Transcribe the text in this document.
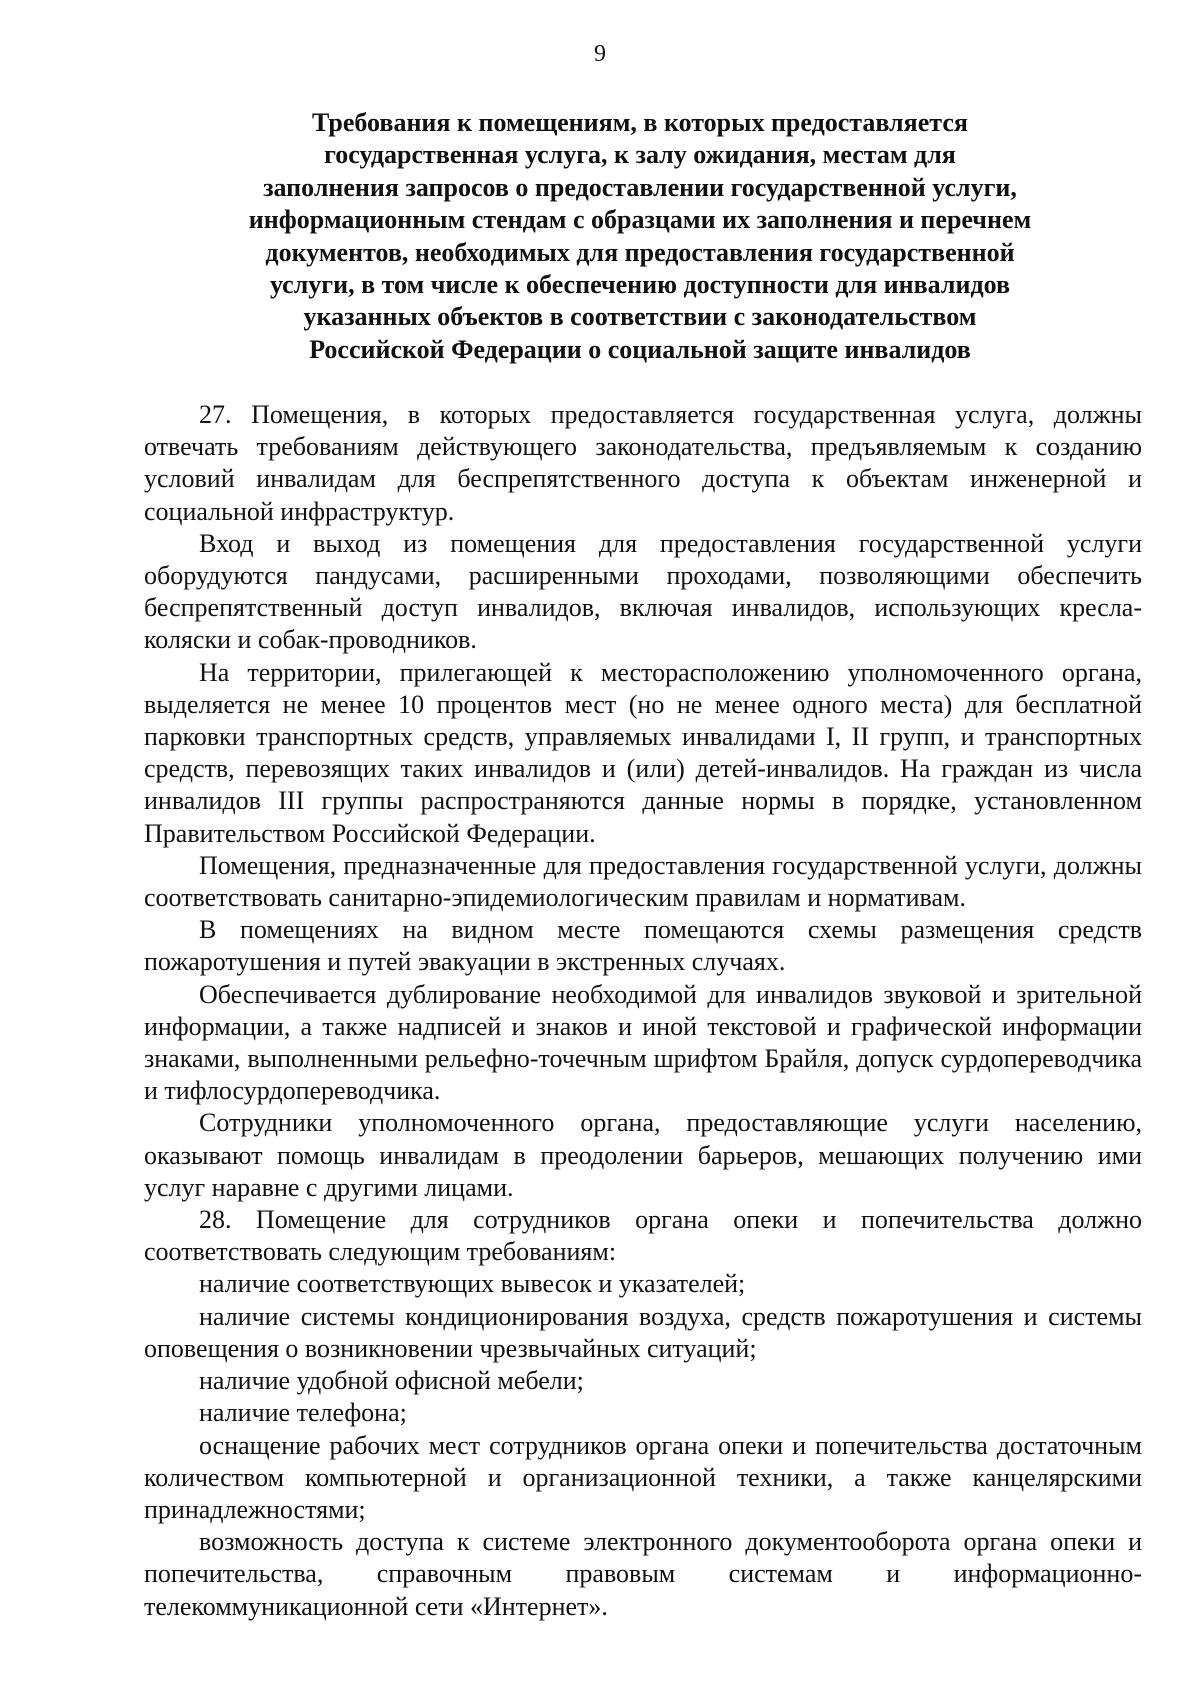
9
Требования к помещениям, в которых предоставляется
государственная услуга, к залу ожидания, местам для
заполнения запросов о предоставлении государственной услуги,
информационным стендам с образцами их заполнения и перечнем
документов, необходимых для предоставления государственной
услуги, в том числе к обеспечению доступности для инвалидов
указанных объектов в соответствии с законодательством
Российской Федерации о социальной защите инвалидов

27. Помещения, в которых предоставляется государственная услуга, должны отвечать требованиям действующего законодательства, предъявляемым к созданию условий инвалидам для беспрепятственного доступа к объектам инженерной и социальной инфраструктур.

Вход и выход из помещения для предоставления государственной услуги оборудуются пандусами, расширенными проходами, позволяющими обеспечить беспрепятственный доступ инвалидов, включая инвалидов, использующих кресла-коляски и собак-проводников.

На территории, прилегающей к месторасположению уполномоченного органа, выделяется не менее 10 процентов мест (но не менее одного места) для бесплатной парковки транспортных средств, управляемых инвалидами I, II групп, и транспортных средств, перевозящих таких инвалидов и (или) детей-инвалидов. На граждан из числа инвалидов III группы распространяются данные нормы в порядке, установленном Правительством Российской Федерации.

Помещения, предназначенные для предоставления государственной услуги, должны соответствовать санитарно-эпидемиологическим правилам и нормативам.

В помещениях на видном месте помещаются схемы размещения средств пожаротушения и путей эвакуации в экстренных случаях.

Обеспечивается дублирование необходимой для инвалидов звуковой и зрительной информации, а также надписей и знаков и иной текстовой и графической информации знаками, выполненными рельефно-точечным шрифтом Брайля, допуск сурдопереводчика и тифлосурдопереводчика.

Сотрудники уполномоченного органа, предоставляющие услуги населению, оказывают помощь инвалидам в преодолении барьеров, мешающих получению ими услуг наравне с другими лицами.

28. Помещение для сотрудников органа опеки и попечительства должно соответствовать следующим требованиям:

наличие соответствующих вывесок и указателей;

наличие системы кондиционирования воздуха, средств пожаротушения и системы оповещения о возникновении чрезвычайных ситуаций;

наличие удобной офисной мебели;

наличие телефона;

оснащение рабочих мест сотрудников органа опеки и попечительства достаточным количеством компьютерной и организационной техники, а также канцелярскими принадлежностями;

возможность доступа к системе электронного документооборота органа опеки и попечительства, справочным правовым системам и информационно-телекоммуникационной сети «Интернет».
